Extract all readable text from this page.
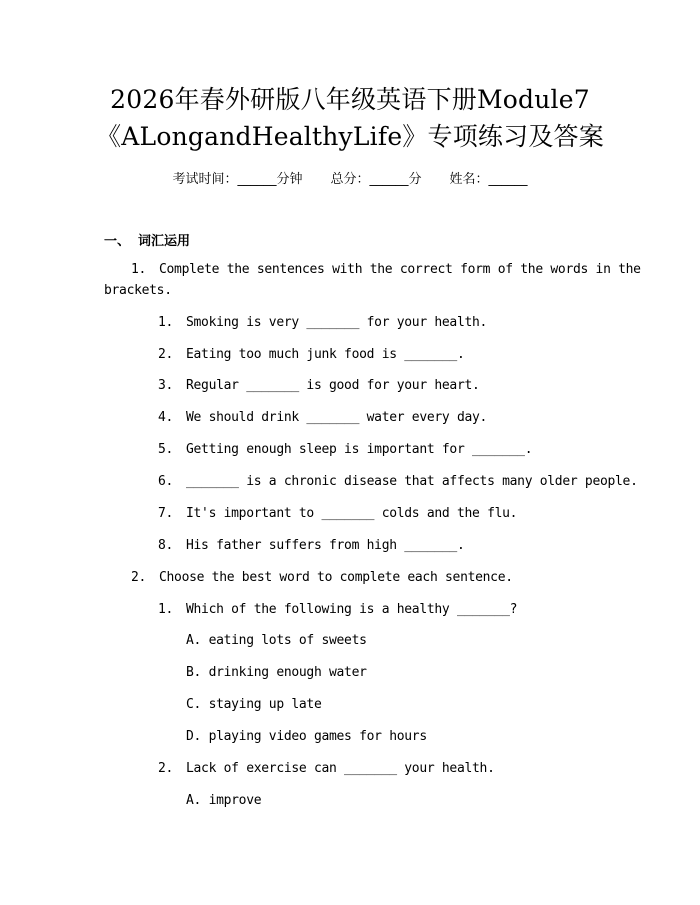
2026年春外研版八年级英语下册Module7
《ALongandHealthyLife》专项练习及答案
考试时间：______分钟 总分：______分 姓名：______
一、 词汇运用
1. Complete the sentences with the correct form of the words in the
brackets.
1. Smoking is very _______ for your health.
2. Eating too much junk food is _______.
3. Regular _______ is good for your heart.
4. We should drink _______ water every day.
5. Getting enough sleep is important for _______.
6. _______ is a chronic disease that affects many older people.
7. It's important to _______ colds and the flu.
8. His father suffers from high _______.
2. Choose the best word to complete each sentence.
1. Which of the following is a healthy _______?
A. eating lots of sweets
B. drinking enough water
C. staying up late
D. playing video games for hours
2. Lack of exercise can _______ your health.
A. improve
